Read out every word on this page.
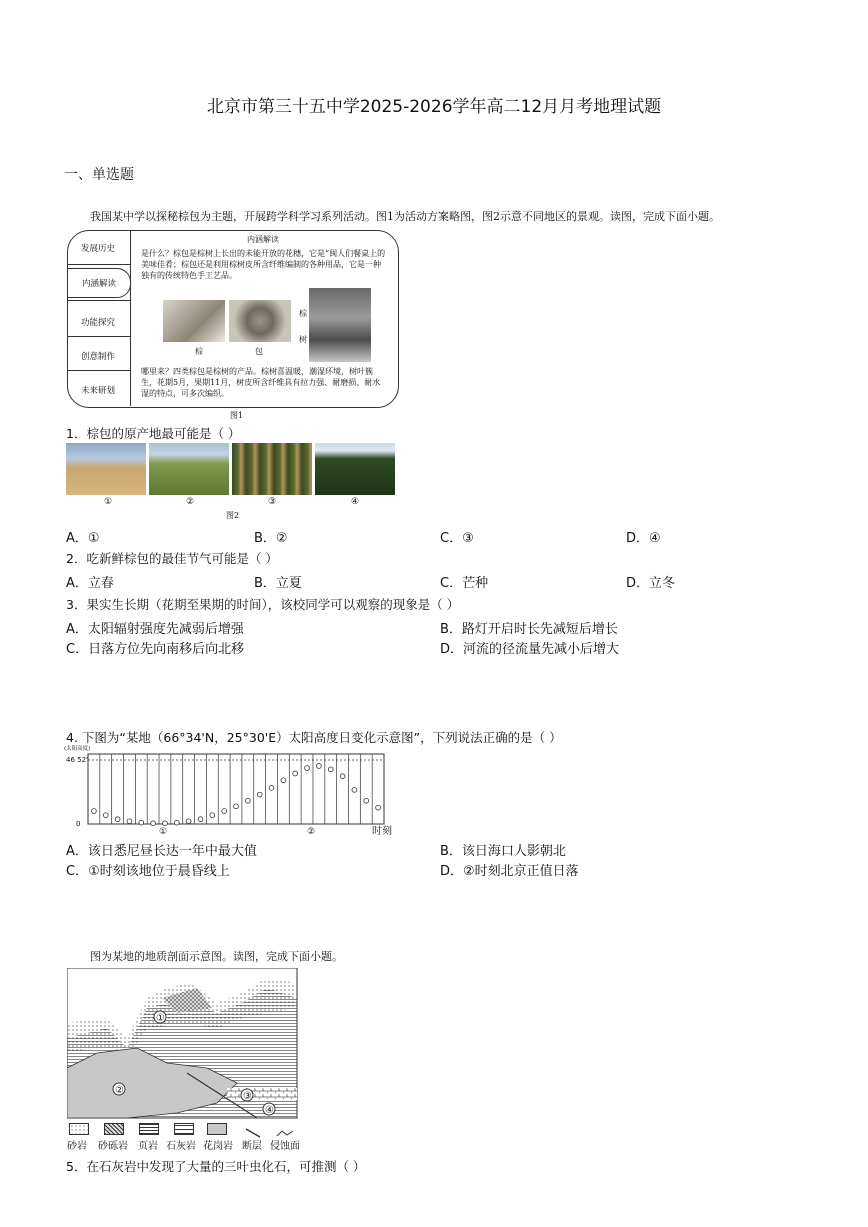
北京市第三十五中学2025-2026学年高二12月月考地理试题
一、单选题
我国某中学以探秘棕包为主题，开展跨学科学习系列活动。图1为活动方案略图，图2示意不同地区的景观。读图，完成下面小题。
发展历史
内涵解读
功能探究
创意制作
未来研划
内涵解读
是什么？棕包是棕树上长出的未能开放的花穗，它是“闽人们餐桌上的美味佳肴；棕包还是利用棕树皮所含纤维编制的各种用品，它是一种独有的传统特色手工艺品。
棕	包
棕
树
哪里来？四类棕包是棕树的产品。棕树喜温暖，潮湿环境，树叶簇生，花期5月，果期11月，树皮所含纤维具有拉力强、耐磨损、耐水湿的特点，可多次编织。
图1
1．棕包的原产地最可能是（ ）
①	②	③	④
图2
A．①	B．②	C．③	D．④
2．吃新鲜棕包的最佳节气可能是（ ）
A．立春	B．立夏	C．芒种	D．立冬
3．果实生长期（花期至果期的时间），该校同学可以观察的现象是（ ）
A．太阳辐射强度先减弱后增强	B．路灯开启时长先减短后增长
C．日落方位先向南移后向北移	D．河流的径流量先减小后增大
4. 下图为“某地（66°34'N，25°30'E）太阳高度日变化示意图”，下列说法正确的是（ ）
(太阳高度)
46 52'
0
时刻
①	②
A．该日悉尼昼长达一年中最大值	B．该日海口人影朝北
C．①时刻该地位于晨昏线上	D．②时刻北京正值日落
图为某地的地质剖面示意图。读图，完成下面小题。
①
②
③
④
砂岩 砂砾岩 页岩 石灰岩 花岗岩 断层 侵蚀面
5．在石灰岩中发现了大量的三叶虫化石，可推测（ ）
